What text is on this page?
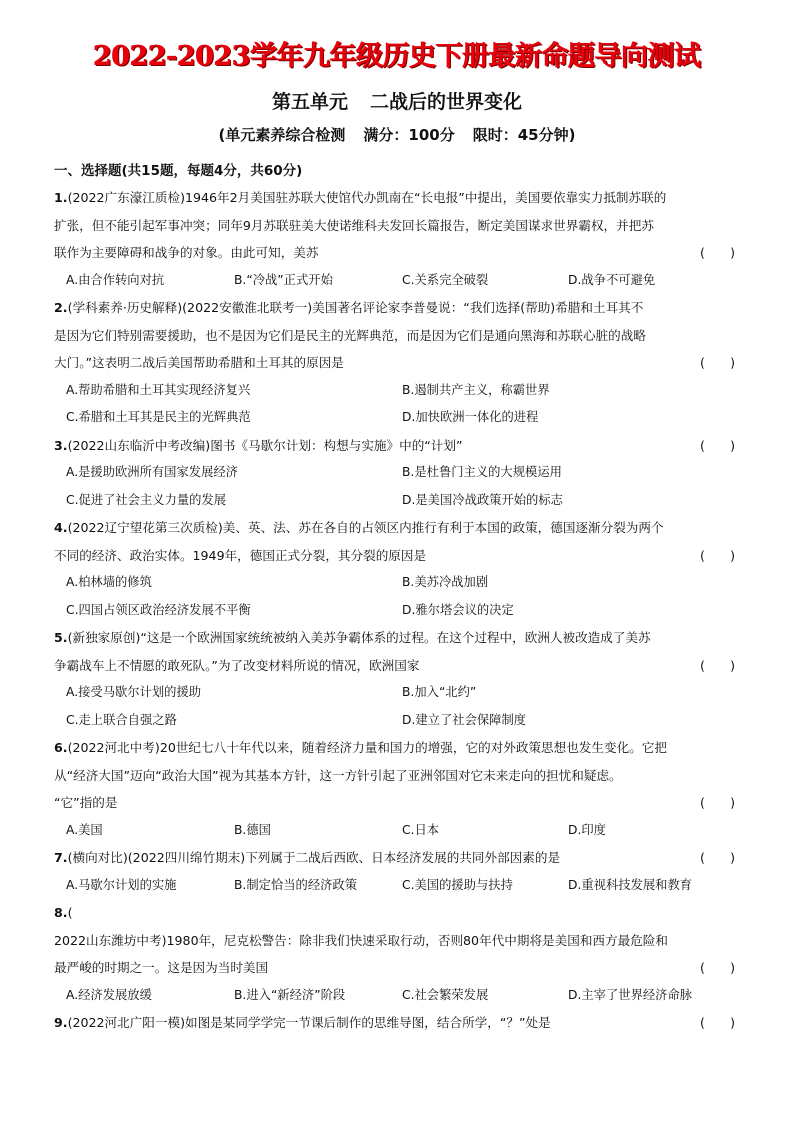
2022-2023学年九年级历史下册最新命题导向测试
第五单元 二战后的世界变化
(单元素养综合检测 满分：100分 限时：45分钟)
一、选择题(共15题，每题4分，共60分)
1.(2022广东濠江质检)1946年2月美国驻苏联大使馆代办凯南在“长电报”中提出，美国要依靠实力抵制苏联的
扩张，但不能引起军事冲突；同年9月苏联驻美大使诺维科夫发回长篇报告，断定美国谋求世界霸权，并把苏
联作为主要障碍和战争的对象。由此可知，美苏	(　　)
A.由合作转向对抗	B.“冷战”正式开始	C.关系完全破裂	D.战争不可避免
2.(学科素养·历史解释)(2022安徽淮北联考一)美国著名评论家李普曼说：“我们选择(帮助)希腊和土耳其不
是因为它们特别需要援助，也不是因为它们是民主的光辉典范，而是因为它们是通向黑海和苏联心脏的战略
大门。”这表明二战后美国帮助希腊和土耳其的原因是	(　　)
A.帮助希腊和土耳其实现经济复兴	B.遏制共产主义，称霸世界
C.希腊和土耳其是民主的光辉典范	D.加快欧洲一体化的进程
3.(2022山东临沂中考改编)图书《马歇尔计划：构想与实施》中的“计划”	(　　)
A.是援助欧洲所有国家发展经济	B.是杜鲁门主义的大规模运用
C.促进了社会主义力量的发展	D.是美国冷战政策开始的标志
4.(2022辽宁望花第三次质检)美、英、法、苏在各自的占领区内推行有利于本国的政策，德国逐渐分裂为两个
不同的经济、政治实体。1949年，德国正式分裂，其分裂的原因是	(　　)
A.柏林墙的修筑	B.美苏冷战加剧
C.四国占领区政治经济发展不平衡	D.雅尔塔会议的决定
5.(新独家原创)“这是一个欧洲国家统统被纳入美苏争霸体系的过程。在这个过程中，欧洲人被改造成了美苏
争霸战车上不情愿的敢死队。”为了改变材料所说的情况，欧洲国家	(　　)
A.接受马歇尔计划的援助	B.加入“北约”
C.走上联合自强之路	D.建立了社会保障制度
6.(2022河北中考)20世纪七八十年代以来，随着经济力量和国力的增强，它的对外政策思想也发生变化。它把
从“经济大国”迈向“政治大国”视为其基本方针，这一方针引起了亚洲邻国对它未来走向的担忧和疑虑。
“它”指的是	(　　)
A.美国	B.德国	C.日本	D.印度
7.(横向对比)(2022四川绵竹期末)下列属于二战后西欧、日本经济发展的共同外部因素的是	(　　)
A.马歇尔计划的实施	B.制定恰当的经济政策	C.美国的援助与扶持	D.重视科技发展和教育
8.(
2022山东潍坊中考)1980年，尼克松警告：除非我们快速采取行动，否则80年代中期将是美国和西方最危险和
最严峻的时期之一。这是因为当时美国	(　　)
A.经济发展放缓	B.进入“新经济”阶段	C.社会繁荣发展	D.主宰了世界经济命脉
9.(2022河北广阳一模)如图是某同学学完一节课后制作的思维导图，结合所学，“？”处是	(　　)
